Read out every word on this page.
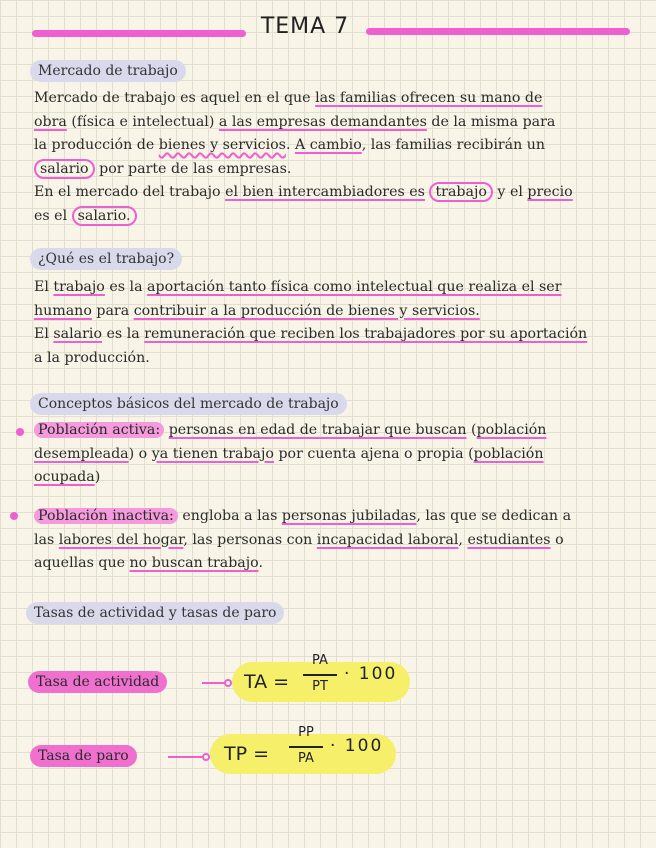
TEMA 7
Mercado de trabajo
Mercado de trabajo es aquel en el que las familias ofrecen su mano de
obra (física e intelectual) a las empresas demandantes de la misma para
la producción de bienes y servicios. A cambio, las familias recibirán un
salario por parte de las empresas.
En el mercado del trabajo el bien intercambiadores es trabajo y el precio
es el salario.
¿Qué es el trabajo?
El trabajo es la aportación tanto física como intelectual que realiza el ser
humano para contribuir a la producción de bienes y servicios.
El salario es la remuneración que reciben los trabajadores por su aportación
a la producción.
Conceptos básicos del mercado de trabajo
Población activa: personas en edad de trabajar que buscan (población
desempleada) o ya tienen trabajo por cuenta ajena o propia (población
ocupada)
Población inactiva: engloba a las personas jubiladas, las que se dedican a
las labores del hogar, las personas con incapacidad laboral, estudiantes o
aquellas que no buscan trabajo.
Tasas de actividad y tasas de paro
Tasa de actividad	TA =
PA
PT
· 100
Tasa de paro	TP =
PP
PA
· 100
